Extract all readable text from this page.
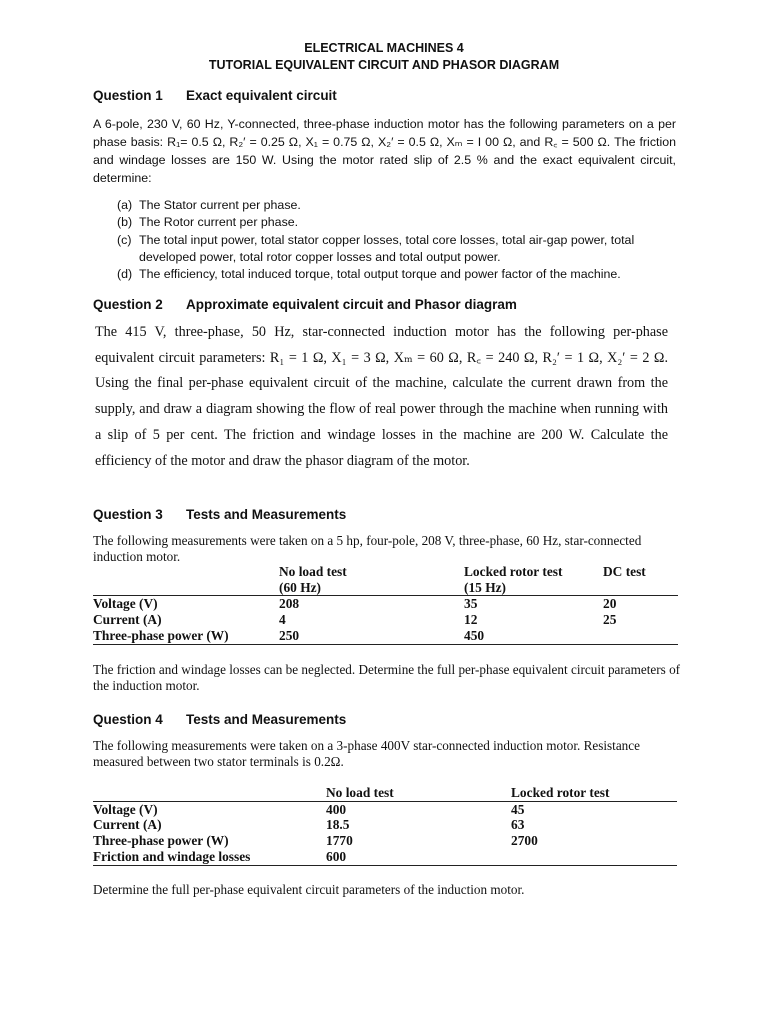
ELECTRICAL MACHINES 4
TUTORIAL EQUIVALENT CIRCUIT AND PHASOR DIAGRAM
Question 1 Exact equivalent circuit
A 6-pole, 230 V, 60 Hz, Y-connected, three-phase induction motor has the following parameters on a per phase basis: R₁= 0.5 Ω, R₂′ = 0.25 Ω, X₁ = 0.75 Ω, X₂′ = 0.5 Ω, Xₘ = I 00 Ω, and R꜀ = 500 Ω. The friction and windage losses are 150 W. Using the motor rated slip of 2.5 % and the exact equivalent circuit, determine:
(a) The Stator current per phase.
(b) The Rotor current per phase.
(c) The total input power, total stator copper losses, total core losses, total air-gap power, total developed power, total rotor copper losses and total output power.
(d) The efficiency, total induced torque, total output torque and power factor of the machine.
Question 2 Approximate equivalent circuit and Phasor diagram
The 415 V, three-phase, 50 Hz, star-connected induction motor has the following per-phase equivalent circuit parameters: R₁ = 1 Ω, X₁ = 3 Ω, Xₘ = 60 Ω, R꜀ = 240 Ω, R₂′ = 1 Ω, X₂′ = 2 Ω. Using the final per-phase equivalent circuit of the machine, calculate the current drawn from the supply, and draw a diagram showing the flow of real power through the machine when running with a slip of 5 per cent. The friction and windage losses in the machine are 200 W. Calculate the efficiency of the motor and draw the phasor diagram of the motor.
Question 3 Tests and Measurements
The following measurements were taken on a 5 hp, four-pole, 208 V, three-phase, 60 Hz, star-connected induction motor.
	No load test	Locked rotor test	DC test
	(60 Hz)	(15 Hz)	
Voltage (V)	208	35	20
Current (A)	4	12	25
Three-phase power (W)	250	450	
The friction and windage losses can be neglected. Determine the full per-phase equivalent circuit parameters of the induction motor.
Question 4 Tests and Measurements
The following measurements were taken on a 3-phase 400V star-connected induction motor. Resistance measured between two stator terminals is 0.2Ω.
	No load test	Locked rotor test
Voltage (V)	400	45
Current (A)	18.5	63
Three-phase power (W)	1770	2700
Friction and windage losses	600	
Determine the full per-phase equivalent circuit parameters of the induction motor.
